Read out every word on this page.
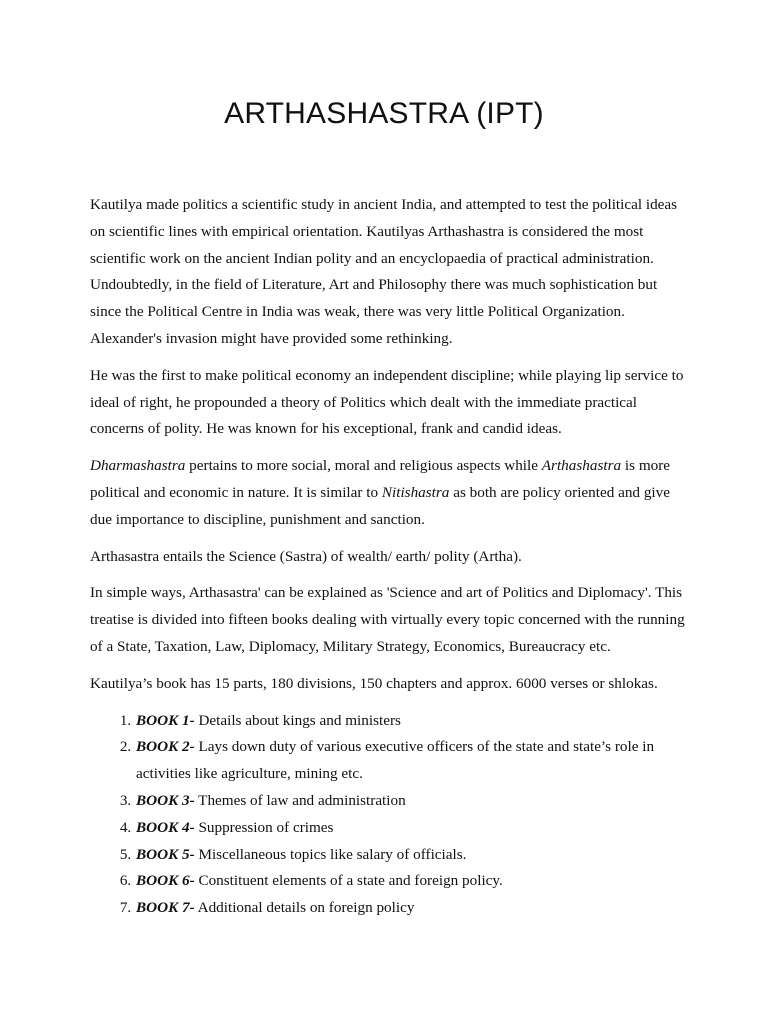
ARTHASHASTRA (IPT)

Kautilya made politics a scientific study in ancient India, and attempted to test the political ideas on scientific lines with empirical orientation. Kautilyas Arthashastra is considered the most scientific work on the ancient Indian polity and an encyclopaedia of practical administration. Undoubtedly, in the field of Literature, Art and Philosophy there was much sophistication but since the Political Centre in India was weak, there was very little Political Organization. Alexander's invasion might have provided some rethinking.

He was the first to make political economy an independent discipline; while playing lip service to ideal of right, he propounded a theory of Politics which dealt with the immediate practical concerns of polity. He was known for his exceptional, frank and candid ideas.

Dharmashastra pertains to more social, moral and religious aspects while Arthashastra is more political and economic in nature. It is similar to Nitishastra as both are policy oriented and give due importance to discipline, punishment and sanction.

Arthasastra entails the Science (Sastra) of wealth/ earth/ polity (Artha).

In simple ways, Arthasastra' can be explained as 'Science and art of Politics and Diplomacy'. This treatise is divided into fifteen books dealing with virtually every topic concerned with the running of a State, Taxation, Law, Diplomacy, Military Strategy, Economics, Bureaucracy etc.

Kautilya’s book has 15 parts, 180 divisions, 150 chapters and approx. 6000 verses or shlokas.

1. BOOK 1- Details about kings and ministers
2. BOOK 2- Lays down duty of various executive officers of the state and state’s role in activities like agriculture, mining etc.
3. BOOK 3- Themes of law and administration
4. BOOK 4- Suppression of crimes
5. BOOK 5- Miscellaneous topics like salary of officials.
6. BOOK 6- Constituent elements of a state and foreign policy.
7. BOOK 7- Additional details on foreign policy
